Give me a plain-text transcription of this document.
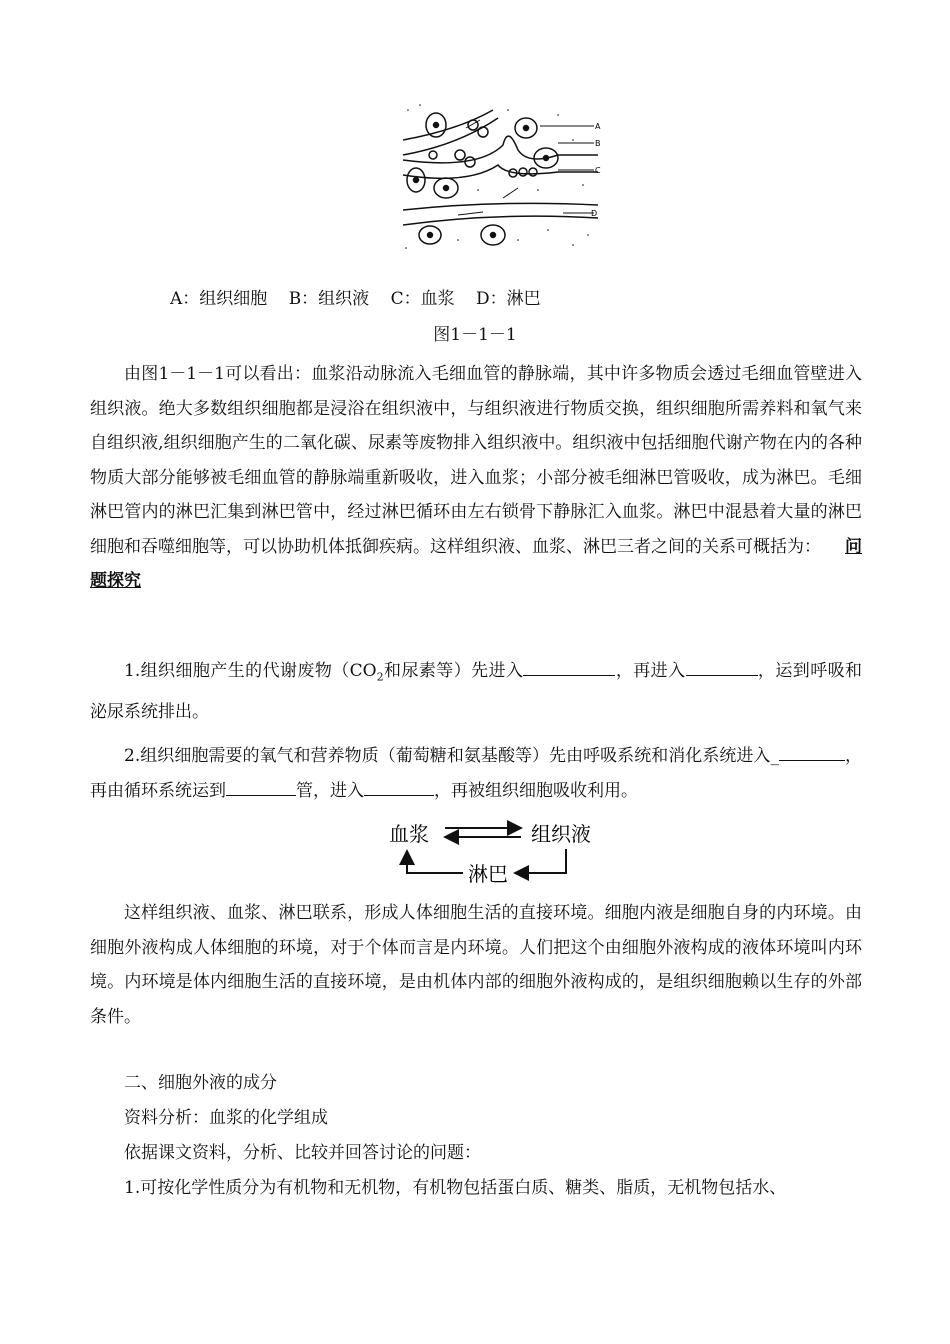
A
B
C
D
A：组织细胞 B：组织液 C：血浆 D：淋巴
图1－1－1

由图1－1－1可以看出：血浆沿动脉流入毛细血管的静脉端，其中许多物质会透过毛细血管壁进入组织液。绝大多数组织细胞都是浸浴在组织液中，与组织液进行物质交换，组织细胞所需养料和氧气来自组织液,组织细胞产生的二氧化碳、尿素等废物排入组织液中。组织液中包括细胞代谢产物在内的各种物质大部分能够被毛细血管的静脉端重新吸收，进入血浆；小部分被毛细淋巴管吸收，成为淋巴。毛细淋巴管内的淋巴汇集到淋巴管中，经过淋巴循环由左右锁骨下静脉汇入血浆。淋巴中混悬着大量的淋巴细胞和吞噬细胞等，可以协助机体抵御疾病。这样组织液、血浆、淋巴三者之间的关系可概括为： 问题探究

1.组织细胞产生的代谢废物（$CO_2$和尿素等）先进入	，再进入	，运到呼吸和泌尿系统排出。

2.组织细胞需要的氧气和营养物质（葡萄糖和氨基酸等）先由呼吸系统和消化系统进入_	，再由循环系统运到	管，进入	，再被组织细胞吸收利用。

血浆	组织液
淋巴

这样组织液、血浆、淋巴联系，形成人体细胞生活的直接环境。细胞内液是细胞自身的内环境。由细胞外液构成人体细胞的环境，对于个体而言是内环境。人们把这个由细胞外液构成的液体环境叫内环境。内环境是体内细胞生活的直接环境，是由机体内部的细胞外液构成的，是组织细胞赖以生存的外部条件。

二、细胞外液的成分
资料分析：血浆的化学组成
依据课文资料，分析、比较并回答讨论的问题：
1.可按化学性质分为有机物和无机物，有机物包括蛋白质、糖类、脂质，无机物包括水、
